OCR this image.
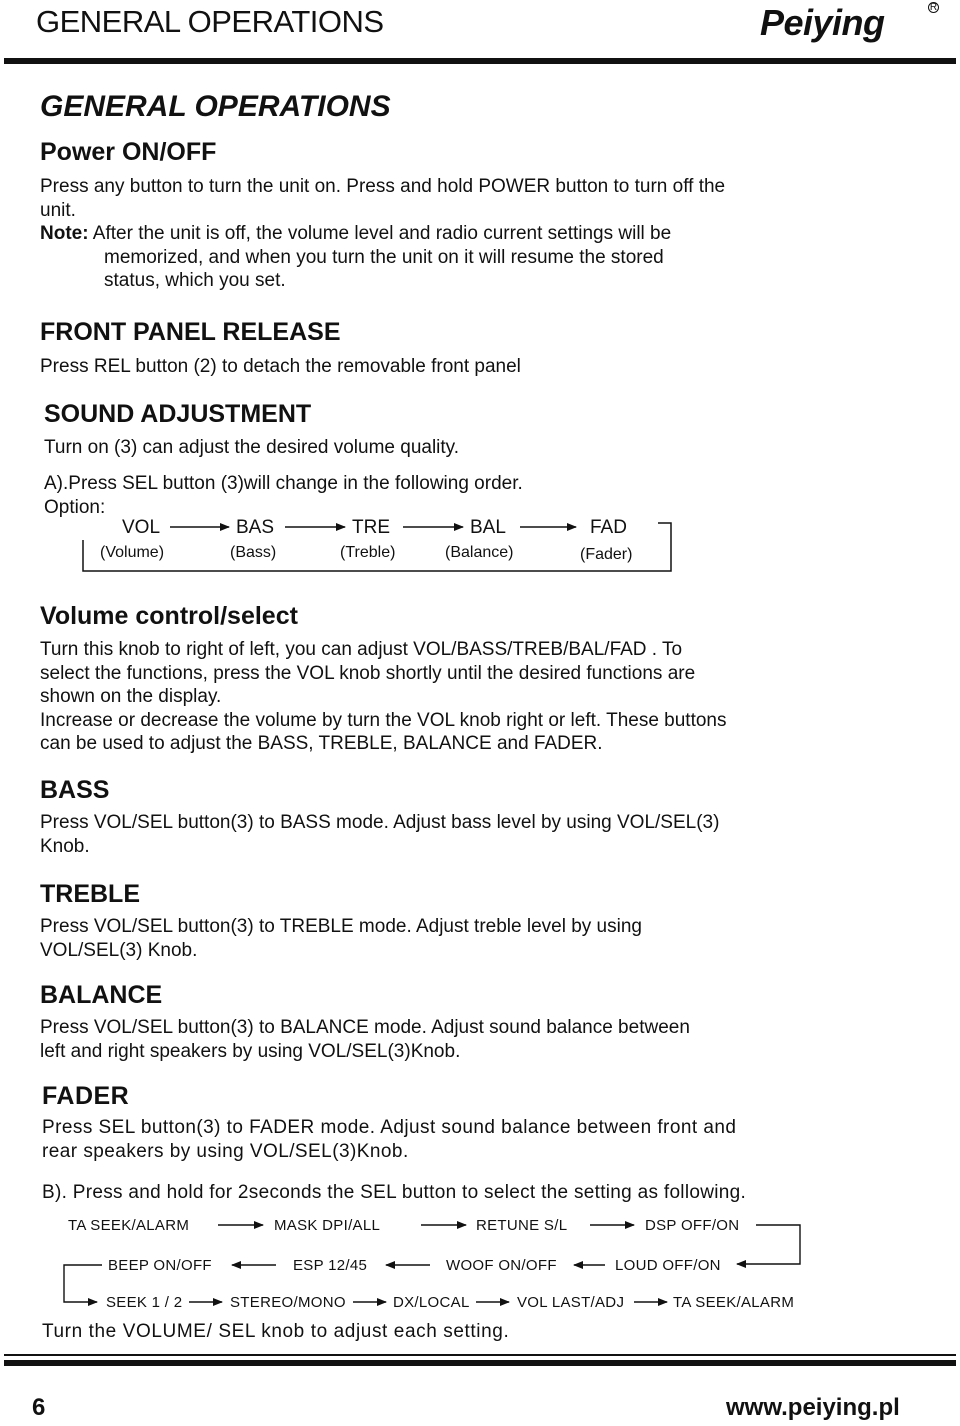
GENERAL OPERATIONS	Peiying	R
GENERAL OPERATIONS
Power ON/OFF
Press any button to turn the unit on. Press and hold POWER button to turn off the
unit.
Note: After the unit is off, the volume level and radio current settings will be
memorized, and when you turn the unit on it will resume the stored
status, which you set.
FRONT PANEL RELEASE
Press REL button (2) to detach the removable front panel
SOUND ADJUSTMENT
Turn on (3) can adjust the desired volume quality.
A).Press SEL button (3)will change in the following order.
Option:
VOL	BAS	TRE	BAL	FAD
(Volume)	(Bass)	(Treble)	(Balance)	(Fader)
Volume control/select
Turn this knob to right of left, you can adjust VOL/BASS/TREB/BAL/FAD . To
select the functions, press the VOL knob shortly until the desired functions are
shown on the display.
Increase or decrease the volume by turn the VOL knob right or left. These buttons
can be used to adjust the BASS, TREBLE, BALANCE and FADER.
BASS
Press VOL/SEL button(3) to BASS mode. Adjust bass level by using VOL/SEL(3)
Knob.
TREBLE
Press VOL/SEL button(3) to TREBLE mode. Adjust treble level by using
VOL/SEL(3) Knob.
BALANCE
Press VOL/SEL button(3) to BALANCE mode. Adjust sound balance between
left and right speakers by using VOL/SEL(3)Knob.
FADER
Press SEL button(3) to FADER mode. Adjust sound balance between front and
rear speakers by using VOL/SEL(3)Knob.
B). Press and hold for 2seconds the SEL button to select the setting as following.
TA SEEK/ALARM	MASK DPI/ALL	RETUNE S/L	DSP OFF/ON
BEEP ON/OFF	ESP 12/45	WOOF ON/OFF	LOUD OFF/ON
SEEK 1 / 2	STEREO/MONO	DX/LOCAL	VOL LAST/ADJ	TA SEEK/ALARM
Turn the VOLUME/ SEL knob to adjust each setting.
6	www.peiying.pl
